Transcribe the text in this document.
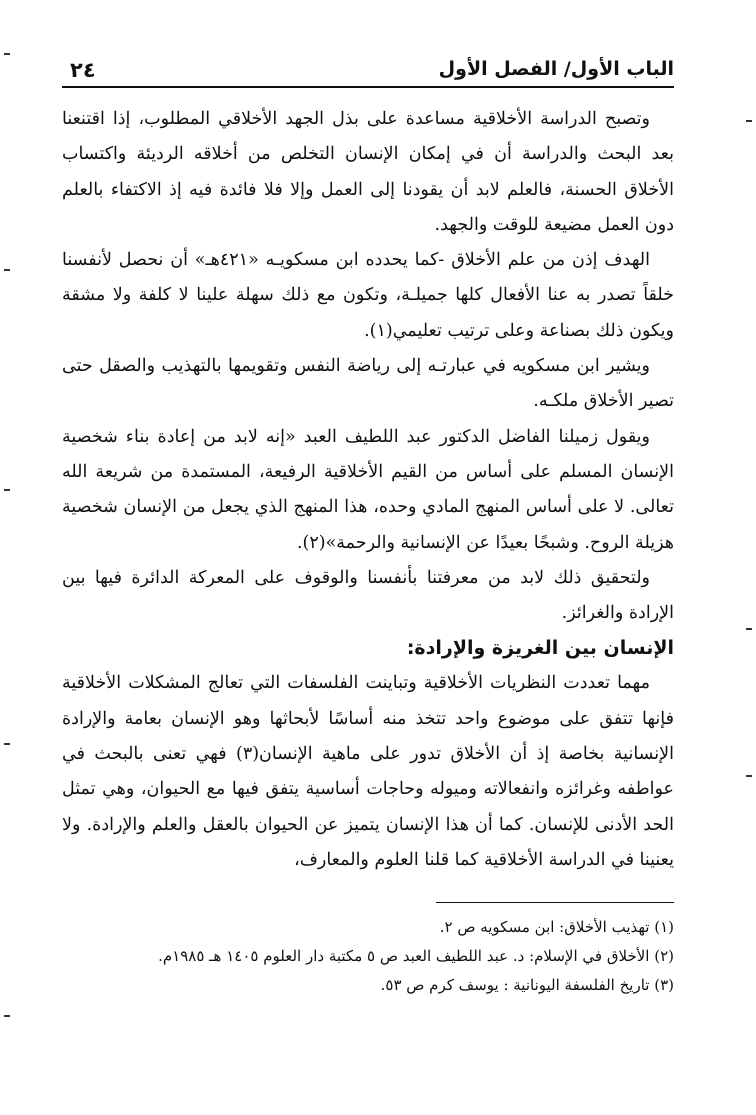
الباب الأول/ الفصل الأول
٢٤

وتصبح الدراسة الأخلاقية مساعدة على بذل الجهد الأخلاقي المطلوب، إذا اقتنعنا بعد البحث والدراسة أن في إمكان الإنسان التخلص من أخلاقه الرديئة واكتساب الأخلاق الحسنة، فالعلم لابد أن يقودنا إلى العمل وإلا فلا فائدة فيه إذ الاكتفاء بالعلم دون العمل مضيعة للوقت والجهد.

الهدف إذن من علم الأخلاق -كما يحدده ابن مسكويـه «٤٢١هـ» أن نحصل لأنفسنا خلقاً تصدر به عنا الأفعال كلها جميلـة، وتكون مع ذلك سهلة علينا لا كلفة ولا مشقة ويكون ذلك بصناعة وعلى ترتيب تعليمي(١).

ويشير ابن مسكويه في عبارتـه إلى رياضة النفس وتقويمها بالتهذيب والصقل حتى تصير الأخلاق ملكـه.

ويقول زميلنا الفاضل الدكتور عبد اللطيف العبد «إنه لابد من إعادة بناء شخصية الإنسان المسلم على أساس من القيم الأخلاقية الرفيعة، المستمدة من شريعة الله تعالى. لا على أساس المنهج المادي وحده، هذا المنهج الذي يجعل من الإنسان شخصية هزيلة الروح. وشبحًا بعيدًا عن الإنسانية والرحمة»(٢).

ولتحقيق ذلك لابد من معرفتنا بأنفسنا والوقوف على المعركة الدائرة فيها بين الإرادة والغرائز.

الإنسان بين الغريزة والإرادة:

مهما تعددت النظريات الأخلاقية وتباينت الفلسفات التي تعالج المشكلات الأخلاقية فإنها تتفق على موضوع واحد تتخذ منه أساسًا لأبحاثها وهو الإنسان بعامة والإرادة الإنسانية بخاصة إذ أن الأخلاق تدور على ماهية الإنسان(٣) فهي تعنى بالبحث في عواطفه وغرائزه وانفعالاته وميوله وحاجات أساسية يتفق فيها مع الحيوان، وهي تمثل الحد الأدنى للإنسان. كما أن هذا الإنسان يتميز عن الحيوان بالعقل والعلم والإرادة. ولا يعنينا في الدراسة الأخلاقية كما قلنا العلوم والمعارف،

(١) تهذيب الأخلاق: ابن مسكويه ص ٢.
(٢) الأخلاق في الإسلام: د. عبد اللطيف العبد ص ٥ مكتبة دار العلوم ١٤٠٥ هـ ١٩٨٥م.
(٣) تاريخ الفلسفة اليونانية : يوسف كرم ص ٥٣.
